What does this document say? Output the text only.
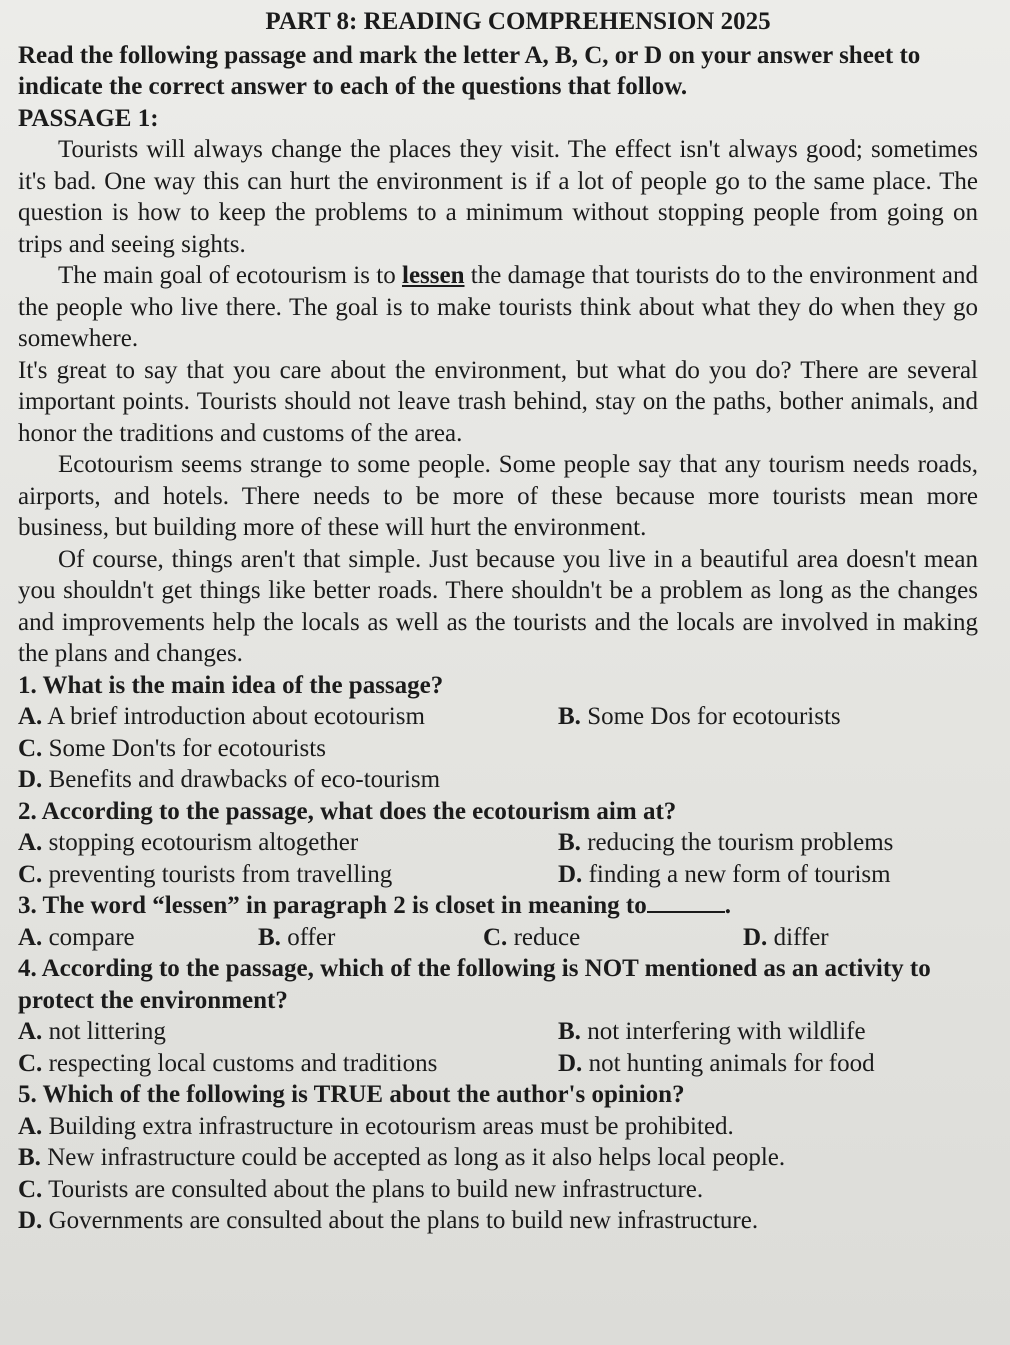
PART 8: READING COMPREHENSION 2025

Read the following passage and mark the letter A, B, C, or D on your answer sheet to indicate the correct answer to each of the questions that follow.

PASSAGE 1:

Tourists will always change the places they visit. The effect isn't always good; sometimes it's bad. One way this can hurt the environment is if a lot of people go to the same place. The question is how to keep the problems to a minimum without stopping people from going on trips and seeing sights.

The main goal of ecotourism is to lessen the damage that tourists do to the environment and the people who live there. The goal is to make tourists think about what they do when they go somewhere.

It's great to say that you care about the environment, but what do you do? There are several important points. Tourists should not leave trash behind, stay on the paths, bother animals, and honor the traditions and customs of the area.

Ecotourism seems strange to some people. Some people say that any tourism needs roads, airports, and hotels. There needs to be more of these because more tourists mean more business, but building more of these will hurt the environment.

Of course, things aren't that simple. Just because you live in a beautiful area doesn't mean you shouldn't get things like better roads. There shouldn't be a problem as long as the changes and improvements help the locals as well as the tourists and the locals are involved in making the plans and changes.

1. What is the main idea of the passage?

A. A brief introduction about ecotourism	B. Some Dos for ecotourists

C. Some Don'ts for ecotourists

D. Benefits and drawbacks of eco-tourism

2. According to the passage, what does the ecotourism aim at?

A. stopping ecotourism altogether	B. reducing the tourism problems

C. preventing tourists from travelling	D. finding a new form of tourism

3. The word “lessen” in paragraph 2 is closet in meaning to	.

A. compare	B. offer	C. reduce	D. differ

4. According to the passage, which of the following is NOT mentioned as an activity to protect the environment?

A. not littering	B. not interfering with wildlife

C. respecting local customs and traditions	D. not hunting animals for food

5. Which of the following is TRUE about the author's opinion?

A. Building extra infrastructure in ecotourism areas must be prohibited.

B. New infrastructure could be accepted as long as it also helps local people.

C. Tourists are consulted about the plans to build new infrastructure.

D. Governments are consulted about the plans to build new infrastructure.
